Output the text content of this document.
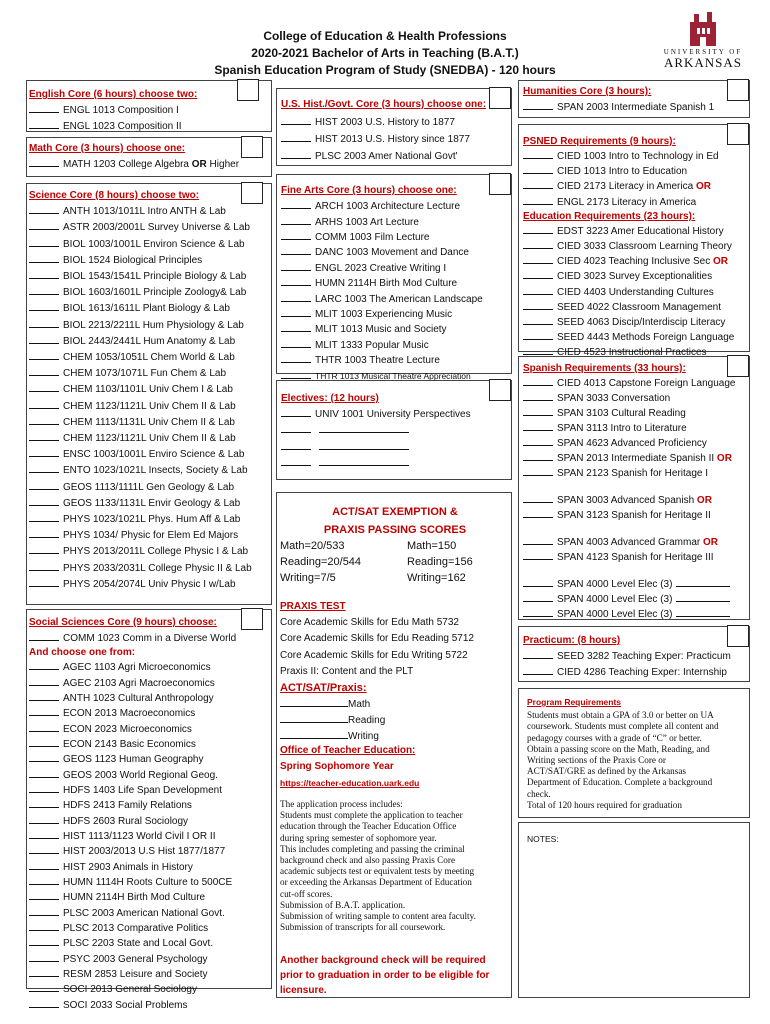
College of Education & Health Professions
2020-2021 Bachelor of Arts in Teaching (B.A.T.)
Spanish Education Program of Study (SNEDBA) - 120 hours
UNIVERSITY OF
ARKANSAS
English Core (6 hours) choose two:
ENGL 1013 Composition I
ENGL 1023 Composition II
Math Core (3 hours) choose one:
MATH 1203 College Algebra OR Higher
Science Core (8 hours) choose two:
ANTH 1013/1011L Intro ANTH & Lab
ASTR 2003/2001L Survey Universe & Lab
BIOL 1003/1001L Environ Science & Lab
BIOL 1524 Biological Principles
BIOL 1543/1541L Principle Biology & Lab
BIOL 1603/1601L Principle Zoology& Lab
BIOL 1613/1611L Plant Biology & Lab
BIOL 2213/2211L Hum Physiology & Lab
BIOL 2443/2441L Hum Anatomy & Lab
CHEM 1053/1051L Chem World & Lab
CHEM 1073/1071L Fun Chem & Lab
CHEM 1103/1101L Univ Chem I & Lab
CHEM 1123/1121L Univ Chem II & Lab
CHEM 1113/1131L Univ Chem II & Lab
CHEM 1123/1121L Univ Chem II & Lab
ENSC 1003/1001L Enviro Science & Lab
ENTO 1023/1021L Insects, Society & Lab
GEOS 1113/1111L Gen Geology & Lab
GEOS 1133/1131L Envir Geology & Lab
PHYS 1023/1021L Phys. Hum Aff & Lab
PHYS 1034/ Physic for Elem Ed Majors
PHYS 2013/2011L College Physic I & Lab
PHYS 2033/2031L College Physic II & Lab
PHYS 2054/2074L Univ Physic I w/Lab
Social Sciences Core (9 hours) choose:
COMM 1023 Comm in a Diverse World
And choose one from:
AGEC 1103 Agri Microeconomics
AGEC 2103 Agri Macroeconomics
ANTH 1023 Cultural Anthropology
ECON 2013 Macroeconomics
ECON 2023 Microeconomics
ECON 2143 Basic Economics
GEOS 1123 Human Geography
GEOS 2003 World Regional Geog.
HDFS 1403 Life Span Development
HDFS 2413 Family Relations
HDFS 2603 Rural Sociology
HIST 1113/1123 World Civil I OR II
HIST 2003/2013 U.S Hist 1877/1877
HIST 2903 Animals in History
HUMN 1114H Roots Culture to 500CE
HUMN 2114H Birth Mod Culture
PLSC 2003 American National Govt.
PLSC 2013 Comparative Politics
PLSC 2203 State and Local Govt.
PSYC 2003 General Psychology
RESM 2853 Leisure and Society
SOCI 2013 General Sociology
SOCI 2033 Social Problems
U.S. Hist./Govt. Core (3 hours) choose one:
HIST 2003 U.S. History to 1877
HIST 2013 U.S. History since 1877
PLSC 2003 Amer National Govt'
Fine Arts Core (3 hours) choose one:
ARCH 1003 Architecture Lecture
ARHS 1003 Art Lecture
COMM 1003 Film Lecture
DANC 1003 Movement and Dance
ENGL 2023 Creative Writing I
HUMN 2114H Birth Mod Culture
LARC 1003 The American Landscape
MLIT 1003 Experiencing Music
MLIT 1013 Music and Society
MLIT 1333 Popular Music
THTR 1003 Theatre Lecture
THTR 1013 Musical Theatre Appreciation
Electives: (12 hours)
UNIV 1001 University Perspectives
ACT/SAT EXEMPTION &
PRAXIS PASSING SCORES
Math=20/533	Math=150
Reading=20/544	Reading=156
Writing=7/5	Writing=162
PRAXIS TEST
Core Academic Skills for Edu Math 5732
Core Academic Skills for Edu Reading 5712
Core Academic Skills for Edu Writing 5722
Praxis II: Content and the PLT
ACT/SAT/Praxis:
Math
Reading
Writing
Office of Teacher Education:
Spring Sophomore Year
https://teacher-education.uark.edu
The application process includes:
Students must complete the application to teacher
education through the Teacher Education Office
during spring semester of sophomore year.
This includes completing and passing the criminal
background check and also passing Praxis Core
academic subjects test or equivalent tests by meeting
or exceeding the Arkansas Department of Education
cut-off scores.
Submission of B.A.T. application.
Submission of writing sample to content area faculty.
Submission of transcripts for all coursework.
Another background check will be required
prior to graduation in order to be eligible for
licensure.
Humanities Core (3 hours):
SPAN 2003 Intermediate Spanish 1
PSNED Requirements (9 hours):
CIED 1003 Intro to Technology in Ed
CIED 1013 Intro to Education
CIED 2173 Literacy in America OR
ENGL 2173 Literacy in America
Education Requirements (23 hours):
EDST 3223 Amer Educational History
CIED 3033 Classroom Learning Theory
CIED 4023 Teaching Inclusive Sec OR
CIED 3023 Survey Exceptionalities
CIED 4403 Understanding Cultures
SEED 4022 Classroom Management
SEED 4063 Discip/Interdiscip Literacy
SEED 4443 Methods Foreign Language
CIED 4523 Instructional Practices
Spanish Requirements (33 hours):
CIED 4013 Capstone Foreign Language
SPAN 3033 Conversation
SPAN 3103 Cultural Reading
SPAN 3113 Intro to Literature
SPAN 4623 Advanced Proficiency
SPAN 2013 Intermediate Spanish II OR
SPAN 2123 Spanish for Heritage I
SPAN 3003 Advanced Spanish OR
SPAN 3123 Spanish for Heritage II
SPAN 4003 Advanced Grammar OR
SPAN 4123 Spanish for Heritage III
SPAN 4000 Level Elec (3)
SPAN 4000 Level Elec (3)
SPAN 4000 Level Elec (3)
Practicum: (8 hours)
SEED 3282 Teaching Exper: Practicum
CIED 4286 Teaching Exper: Internship
Program Requirements
Students must obtain a GPA of 3.0 or better on UA
coursework. Students must complete all content and
pedagogy courses with a grade of “C” or better.
Obtain a passing score on the Math, Reading, and
Writing sections of the Praxis Core or
ACT/SAT/GRE as defined by the Arkansas
Department of Education. Complete a background
check.
Total of 120 hours required for graduation
NOTES:
